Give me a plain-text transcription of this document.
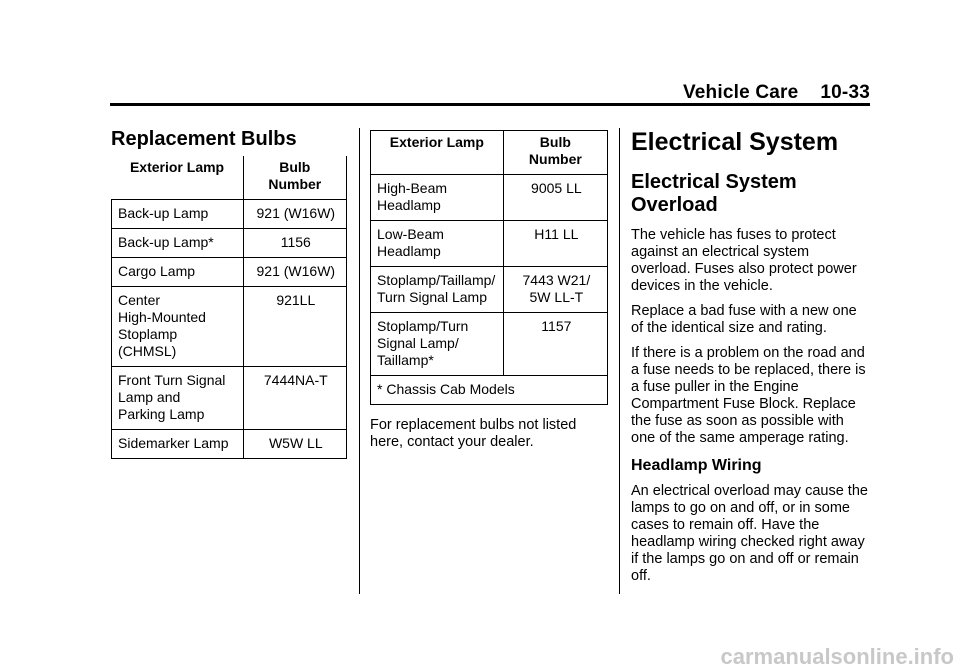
Vehicle Care 10-33
Replacement Bulbs
Exterior Lamp	Bulb
Number
Back-up Lamp	921 (W16W)
Back-up Lamp*	1156
Cargo Lamp	921 (W16W)
Center
High-Mounted
Stoplamp
(CHMSL)	921LL
Front Turn Signal
Lamp and
Parking Lamp	7444NA-T
Sidemarker Lamp	W5W LL
Exterior Lamp	Bulb
Number
High-Beam
Headlamp	9005 LL
Low-Beam
Headlamp	H11 LL
Stoplamp/Taillamp/
Turn Signal Lamp	7443 W21/
5W LL-T
Stoplamp/Turn
Signal Lamp/
Taillamp*	1157
* Chassis Cab Models	

For replacement bulbs not listed here, contact your dealer.

Electrical System
Electrical System Overload

The vehicle has fuses to protect against an electrical system overload. Fuses also protect power devices in the vehicle.

Replace a bad fuse with a new one of the identical size and rating.

If there is a problem on the road and a fuse needs to be replaced, there is a fuse puller in the Engine Compartment Fuse Block. Replace the fuse as soon as possible with one of the same amperage rating.

Headlamp Wiring

An electrical overload may cause the lamps to go on and off, or in some cases to remain off. Have the headlamp wiring checked right away if the lamps go on and off or remain off.

carmanualsonline.info
